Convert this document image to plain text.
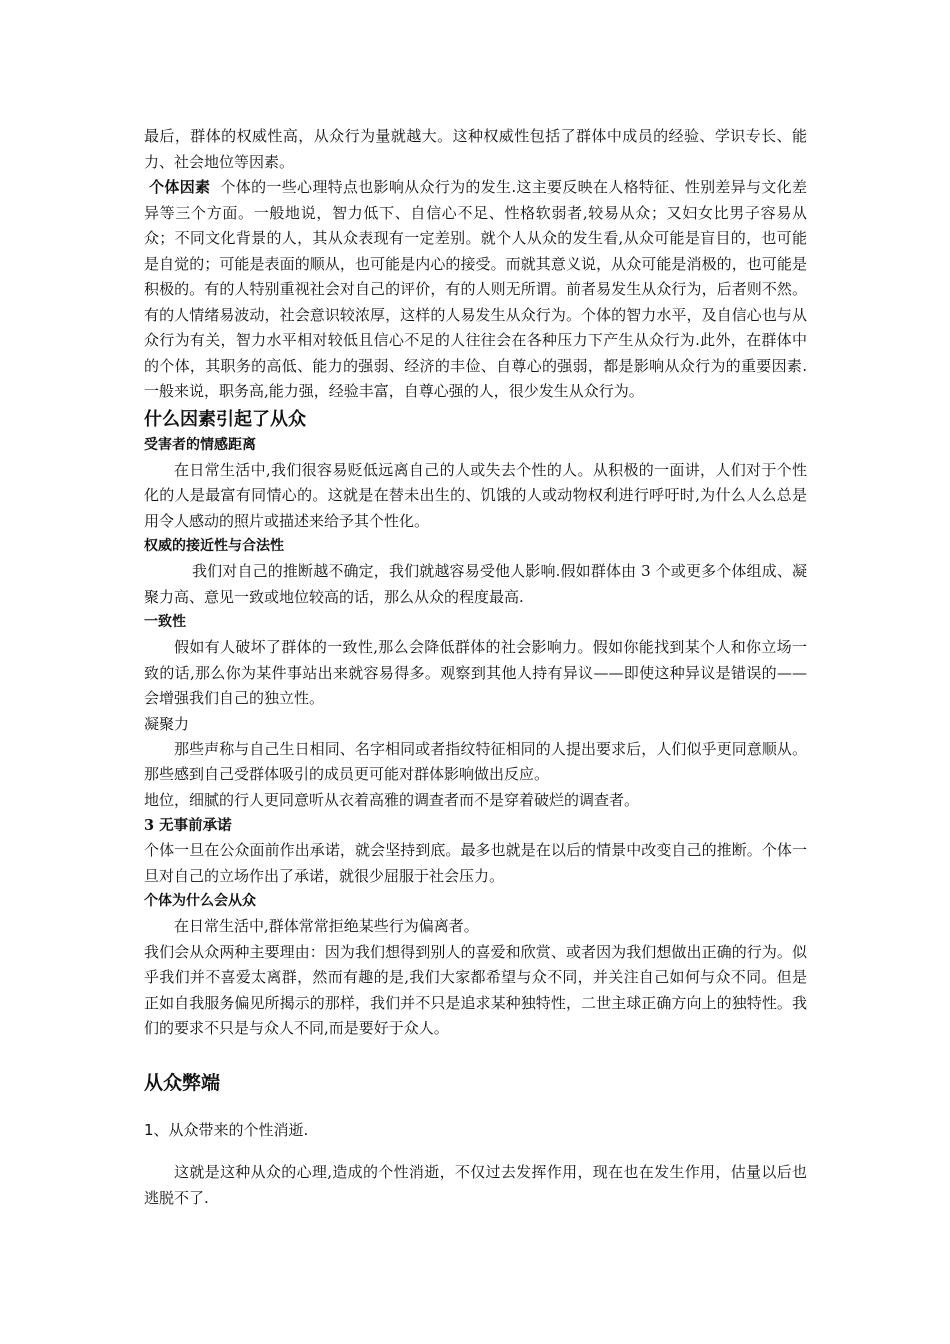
最后，群体的权威性高，从众行为量就越大。这种权威性包括了群体中成员的经验、学识专长、能力、社会地位等因素。

个体因素 个体的一些心理特点也影响从众行为的发生.这主要反映在人格特征、性别差异与文化差异等三个方面。一般地说，智力低下、自信心不足、性格软弱者,较易从众；又妇女比男子容易从众；不同文化背景的人，其从众表现有一定差别。就个人从众的发生看,从众可能是盲目的，也可能是自觉的；可能是表面的顺从，也可能是内心的接受。而就其意义说，从众可能是消极的，也可能是积极的。有的人特别重视社会对自己的评价，有的人则无所谓。前者易发生从众行为，后者则不然。有的人情绪易波动，社会意识较浓厚，这样的人易发生从众行为。个体的智力水平，及自信心也与从众行为有关，智力水平相对较低且信心不足的人往往会在各种压力下产生从众行为.此外，在群体中的个体，其职务的高低、能力的强弱、经济的丰俭、自尊心的强弱，都是影响从众行为的重要因素.一般来说，职务高,能力强，经验丰富，自尊心强的人，很少发生从众行为。

什么因素引起了从众
受害者的情感距离

在日常生活中,我们很容易贬低远离自己的人或失去个性的人。从积极的一面讲，人们对于个性化的人是最富有同情心的。这就是在替未出生的、饥饿的人或动物权利进行呼吁时,为什么人么总是用令人感动的照片或描述来给予其个性化。

权威的接近性与合法性

我们对自己的推断越不确定，我们就越容易受他人影响.假如群体由 3 个或更多个体组成、凝聚力高、意见一致或地位较高的话，那么从众的程度最高.

一致性

假如有人破坏了群体的一致性,那么会降低群体的社会影响力。假如你能找到某个人和你立场一致的话,那么你为某件事站出来就容易得多。观察到其他人持有异议——即使这种异议是错误的——会增强我们自己的独立性。

凝聚力

那些声称与自己生日相同、名字相同或者指纹特征相同的人提出要求后，人们似乎更同意顺从。那些感到自己受群体吸引的成员更可能对群体影响做出反应。

地位，细腻的行人更同意听从衣着高雅的调查者而不是穿着破烂的调查者。

3 无事前承诺

个体一旦在公众面前作出承诺，就会坚持到底。最多也就是在以后的情景中改变自己的推断。个体一旦对自己的立场作出了承诺，就很少屈服于社会压力。

个体为什么会从众

在日常生活中,群体常常拒绝某些行为偏离者。

我们会从众两种主要理由：因为我们想得到别人的喜爱和欣赏、或者因为我们想做出正确的行为。似乎我们并不喜爱太离群，然而有趣的是,我们大家都希望与众不同，并关注自己如何与众不同。但是正如自我服务偏见所揭示的那样，我们并不只是追求某种独特性，二世主球正确方向上的独特性。我们的要求不只是与众人不同,而是要好于众人。

从众弊端
1、从众带来的个性消逝.

这就是这种从众的心理,造成的个性消逝，不仅过去发挥作用，现在也在发生作用，估量以后也逃脱不了.
